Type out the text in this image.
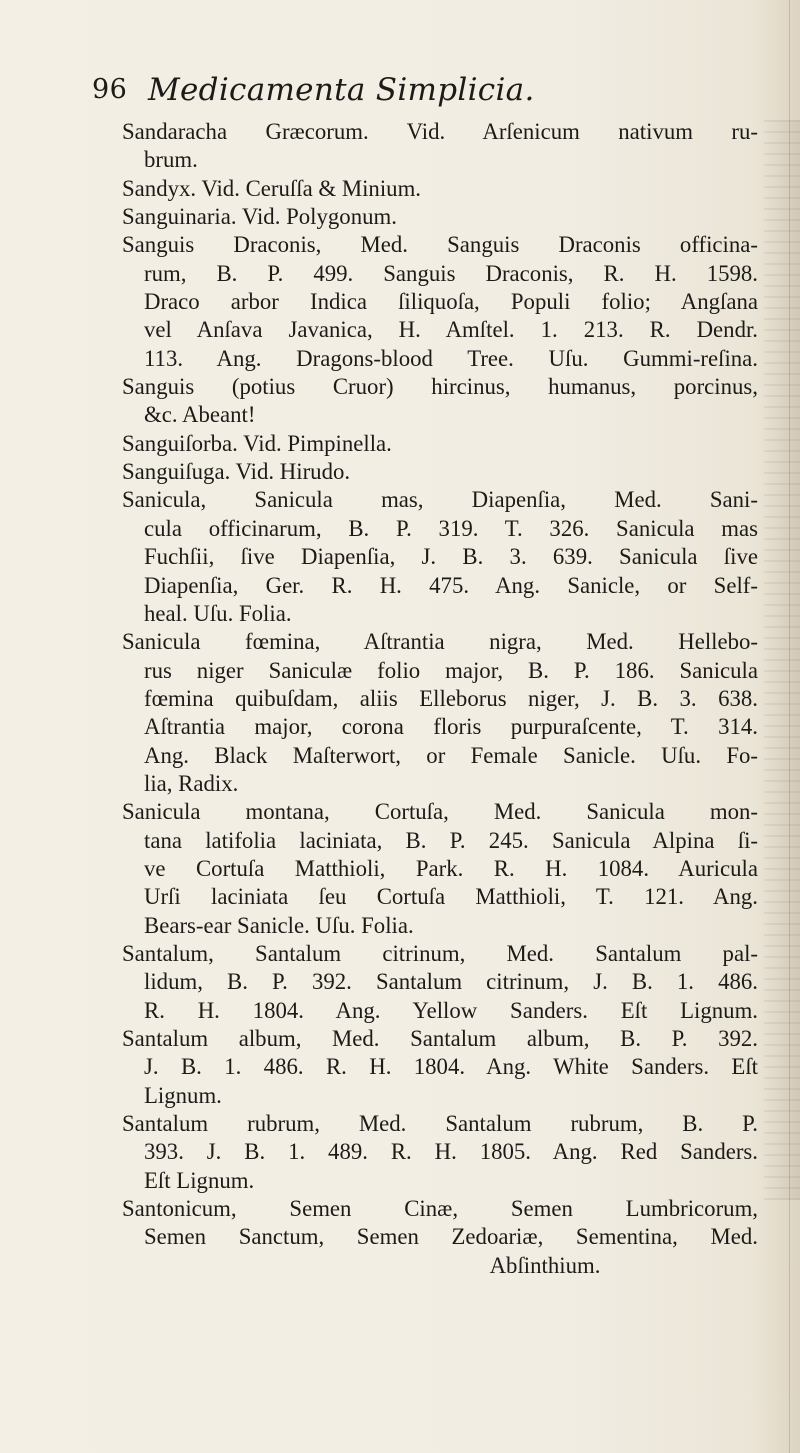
96 Medicamenta Simplicia.
Sandaracha Græcorum. Vid. Arſenicum nativum ru-
brum.
Sandyx. Vid. Ceruſſa & Minium.
Sanguinaria. Vid. Polygonum.
Sanguis Draconis, Med. Sanguis Draconis officina-
rum, B. P. 499. Sanguis Draconis, R. H. 1598.
Draco arbor Indica ſiliquoſa, Populi folio; Angſana
vel Anſava Javanica, H. Amſtel. 1. 213. R. Dendr.
113. Ang. Dragons-blood Tree. Uſu. Gummi-reſina.
Sanguis (potius Cruor) hircinus, humanus, porcinus,
&c. Abeant!
Sanguiſorba. Vid. Pimpinella.
Sanguiſuga. Vid. Hirudo.
Sanicula, Sanicula mas, Diapenſia, Med. Sani-
cula officinarum, B. P. 319. T. 326. Sanicula mas
Fuchſii, ſive Diapenſia, J. B. 3. 639. Sanicula ſive
Diapenſia, Ger. R. H. 475. Ang. Sanicle, or Self-
heal. Uſu. Folia.
Sanicula fœmina, Aſtrantia nigra, Med. Hellebo-
rus niger Saniculæ folio major, B. P. 186. Sanicula
fœmina quibuſdam, aliis Elleborus niger, J. B. 3. 638.
Aſtrantia major, corona floris purpuraſcente, T. 314.
Ang. Black Maſterwort, or Female Sanicle. Uſu. Fo-
lia, Radix.
Sanicula montana, Cortuſa, Med. Sanicula mon-
tana latifolia laciniata, B. P. 245. Sanicula Alpina ſi-
ve Cortuſa Matthioli, Park. R. H. 1084. Auricula
Urſi laciniata ſeu Cortuſa Matthioli, T. 121. Ang.
Bears-ear Sanicle. Uſu. Folia.
Santalum, Santalum citrinum, Med. Santalum pal-
lidum, B. P. 392. Santalum citrinum, J. B. 1. 486.
R. H. 1804. Ang. Yellow Sanders. Eſt Lignum.
Santalum album, Med. Santalum album, B. P. 392.
J. B. 1. 486. R. H. 1804. Ang. White Sanders. Eſt
Lignum.
Santalum rubrum, Med. Santalum rubrum, B. P.
393. J. B. 1. 489. R. H. 1805. Ang. Red Sanders.
Eſt Lignum.
Santonicum, Semen Cinæ, Semen Lumbricorum,
Semen Sanctum, Semen Zedoariæ, Sementina, Med.
Abſinthium.
